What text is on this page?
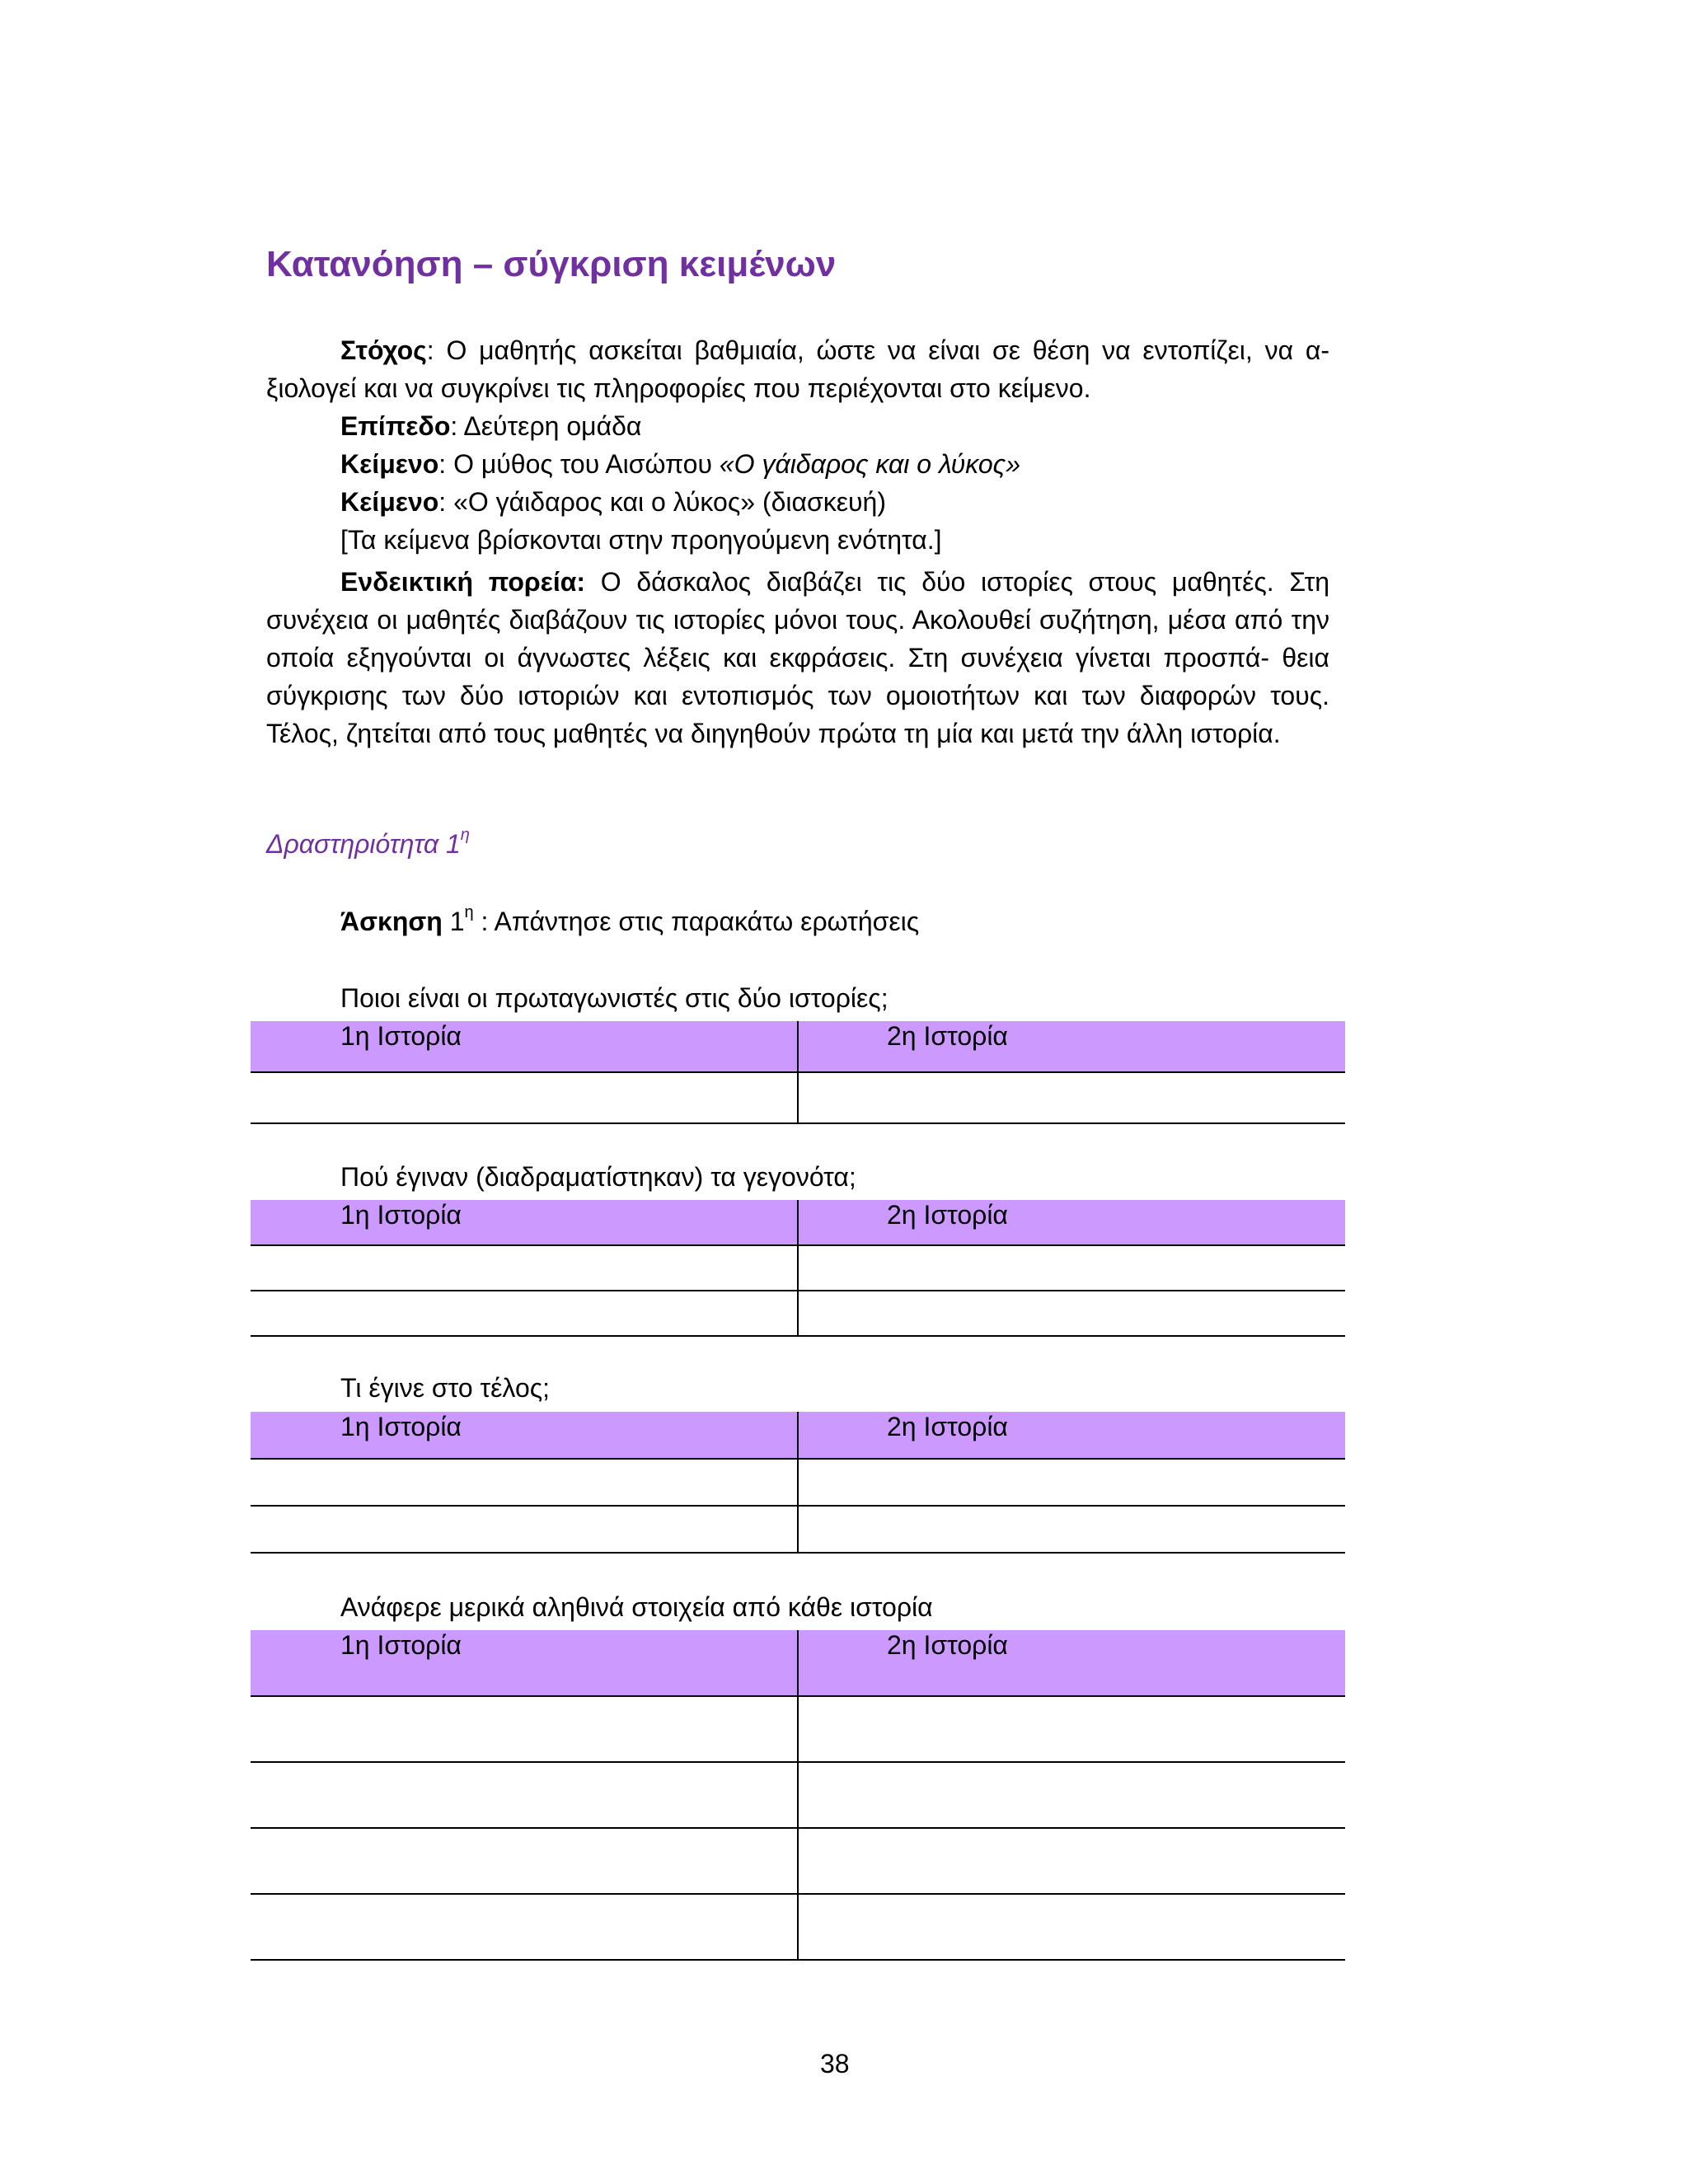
Κατανόηση – σύγκριση κειμένων
Στόχος: Ο μαθητής ασκείται βαθμιαία, ώστε να είναι σε θέση να εντοπίζει, να α- ξιολογεί και να συγκρίνει τις πληροφορίες που περιέχονται στο κείμενο.
Επίπεδο: Δεύτερη ομάδα
Κείμενο: Ο μύθος του Αισώπου «Ο γάιδαρος και ο λύκος»
Κείμενο: «Ο γάιδαρος και ο λύκος» (διασκευή)
[Τα κείμενα βρίσκονται στην προηγούμενη ενότητα.]
Ενδεικτική πορεία: Ο δάσκαλος διαβάζει τις δύο ιστορίες στους μαθητές. Στη συνέχεια οι μαθητές διαβάζουν τις ιστορίες μόνοι τους. Ακολουθεί συζήτηση, μέσα από την οποία εξηγούνται οι άγνωστες λέξεις και εκφράσεις. Στη συνέχεια γίνεται προσπά- θεια σύγκρισης των δύο ιστοριών και εντοπισμός των ομοιοτήτων και των διαφορών τους. Τέλος, ζητείται από τους μαθητές να διηγηθούν πρώτα τη μία και μετά την άλλη ιστορία.
Δραστηριότητα $1^\eta$
Άσκηση $1^\eta$ : Απάντησε στις παρακάτω ερωτήσεις
Ποιοι είναι οι πρωταγωνιστές στις δύο ιστορίες;
1η Ιστορία	2η Ιστορία

Πού έγιναν (διαδραματίστηκαν) τα γεγονότα;
1η Ιστορία	2η Ιστορία

Τι έγινε στο τέλος;
1η Ιστορία	2η Ιστορία

Ανάφερε μερικά αληθινά στοιχεία από κάθε ιστορία
1η Ιστορία	2η Ιστορία

38
